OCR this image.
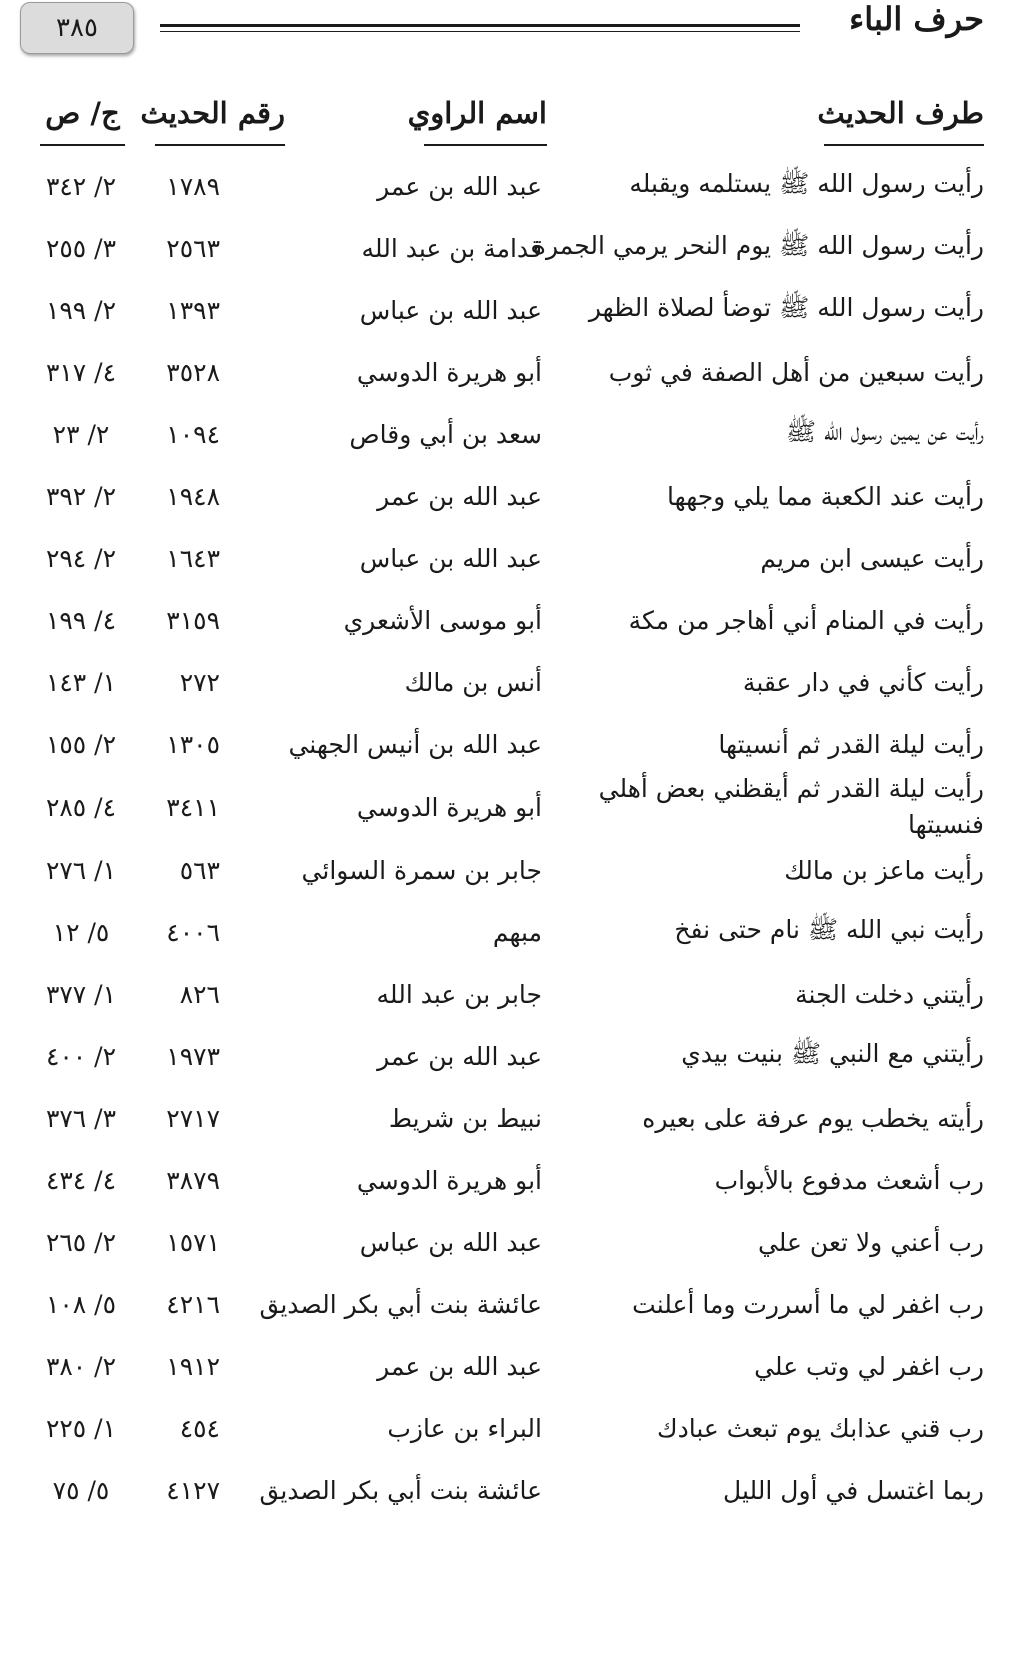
٣٨٥	حرف الباء
طرف الحديث
اسم الراوي
رقم الحديث
ج/ ص
رأيت رسول الله ﷺ يستلمه ويقبله
عبد الله بن عمر
١٧٨٩
٢/ ٣٤٢
رأيت رسول الله ﷺ يوم النحر يرمي الجمرة
قدامة بن عبد الله
٢٥٦٣
٣/ ٢٥٥
رأيت رسول الله ﷺ توضأ لصلاة الظهر
عبد الله بن عباس
١٣٩٣
٢/ ١٩٩
رأيت سبعين من أهل الصفة في ثوب
أبو هريرة الدوسي
٣٥٢٨
٤/ ٣١٧
رأيت عن يمين رسول الله ﷺ
سعد بن أبي وقاص
١٠٩٤
٢/ ٢٣
رأيت عند الكعبة مما يلي وجهها
عبد الله بن عمر
١٩٤٨
٢/ ٣٩٢
رأيت عيسى ابن مريم
عبد الله بن عباس
١٦٤٣
٢/ ٢٩٤
رأيت في المنام أني أهاجر من مكة
أبو موسى الأشعري
٣١٥٩
٤/ ١٩٩
رأيت كأني في دار عقبة
أنس بن مالك
٢٧٢
١/ ١٤٣
رأيت ليلة القدر ثم أنسيتها
عبد الله بن أنيس الجهني
١٣٠٥
٢/ ١٥٥
رأيت ليلة القدر ثم أيقظني بعض أهلي فنسيتها
أبو هريرة الدوسي
٣٤١١
٤/ ٢٨٥
رأيت ماعز بن مالك
جابر بن سمرة السوائي
٥٦٣
١/ ٢٧٦
رأيت نبي الله ﷺ نام حتى نفخ
مبهم
٤٠٠٦
٥/ ١٢
رأيتني دخلت الجنة
جابر بن عبد الله
٨٢٦
١/ ٣٧٧
رأيتني مع النبي ﷺ بنيت بيدي
عبد الله بن عمر
١٩٧٣
٢/ ٤٠٠
رأيته يخطب يوم عرفة على بعيره
نبيط بن شريط
٢٧١٧
٣/ ٣٧٦
رب أشعث مدفوع بالأبواب
أبو هريرة الدوسي
٣٨٧٩
٤/ ٤٣٤
رب أعني ولا تعن علي
عبد الله بن عباس
١٥٧١
٢/ ٢٦٥
رب اغفر لي ما أسررت وما أعلنت
عائشة بنت أبي بكر الصديق
٤٢١٦
٥/ ١٠٨
رب اغفر لي وتب علي
عبد الله بن عمر
١٩١٢
٢/ ٣٨٠
رب قني عذابك يوم تبعث عبادك
البراء بن عازب
٤٥٤
١/ ٢٢٥
ربما اغتسل في أول الليل
عائشة بنت أبي بكر الصديق
٤١٢٧
٥/ ٧٥
